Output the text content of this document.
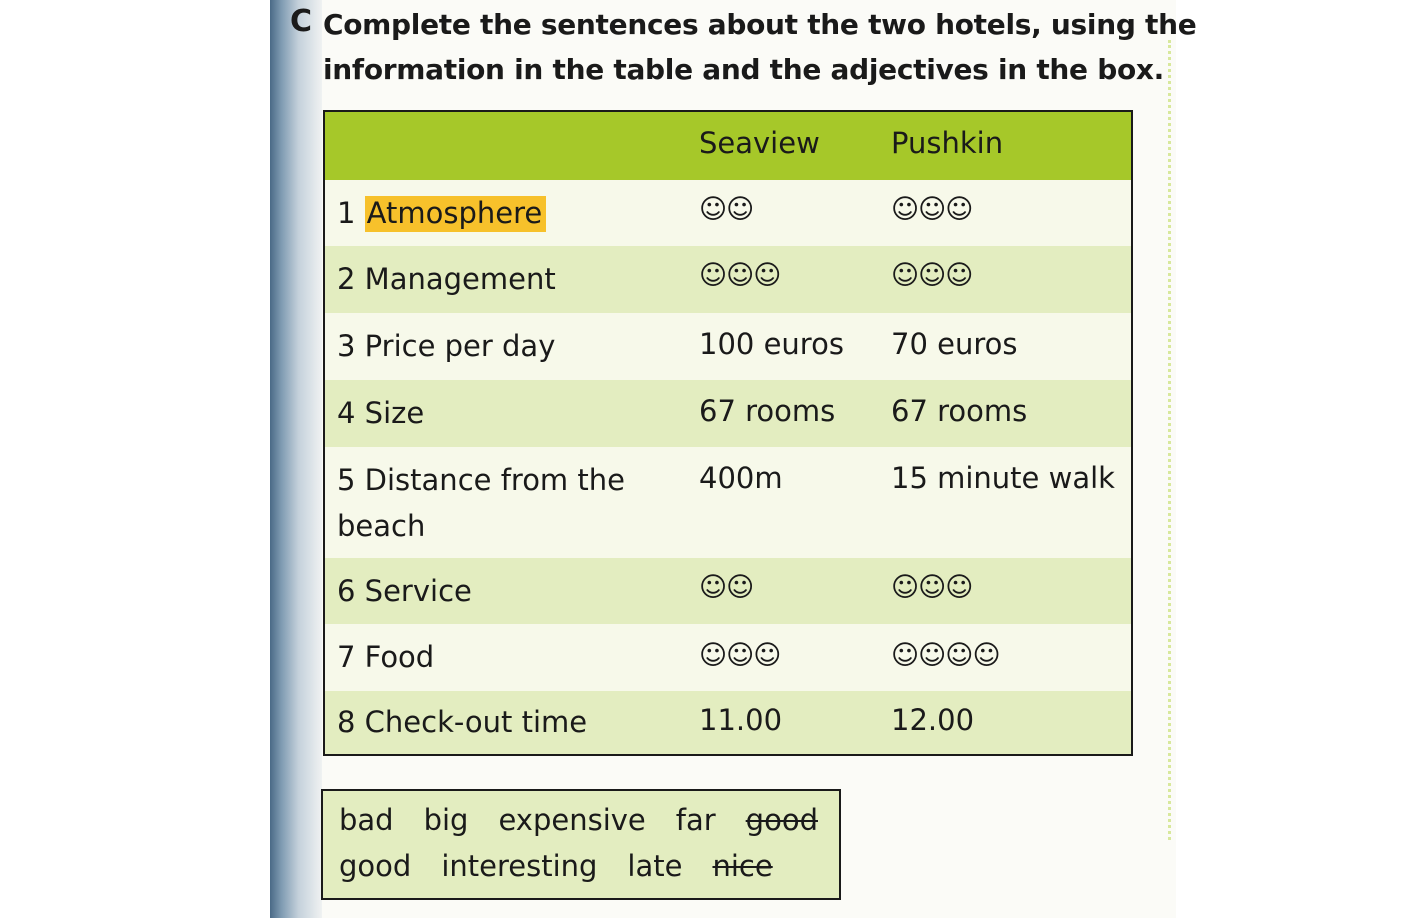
C Complete the sentences about the two hotels, using the
information in the table and the adjectives in the box.
Seaview Pushkin
1 Atmosphere	☺☺	☺☺☺
2 Management	☺☺☺	☺☺☺
3 Price per day	100 euros 70 euros
4 Size	67 rooms 67 rooms
5 Distance from the
beach
400m	15 minute walk
6 Service	☺☺	☺☺☺
7 Food	☺☺☺	☺☺☺☺
8 Check-out time	11.00	12.00
bad big expensive far good
good interesting late nice
